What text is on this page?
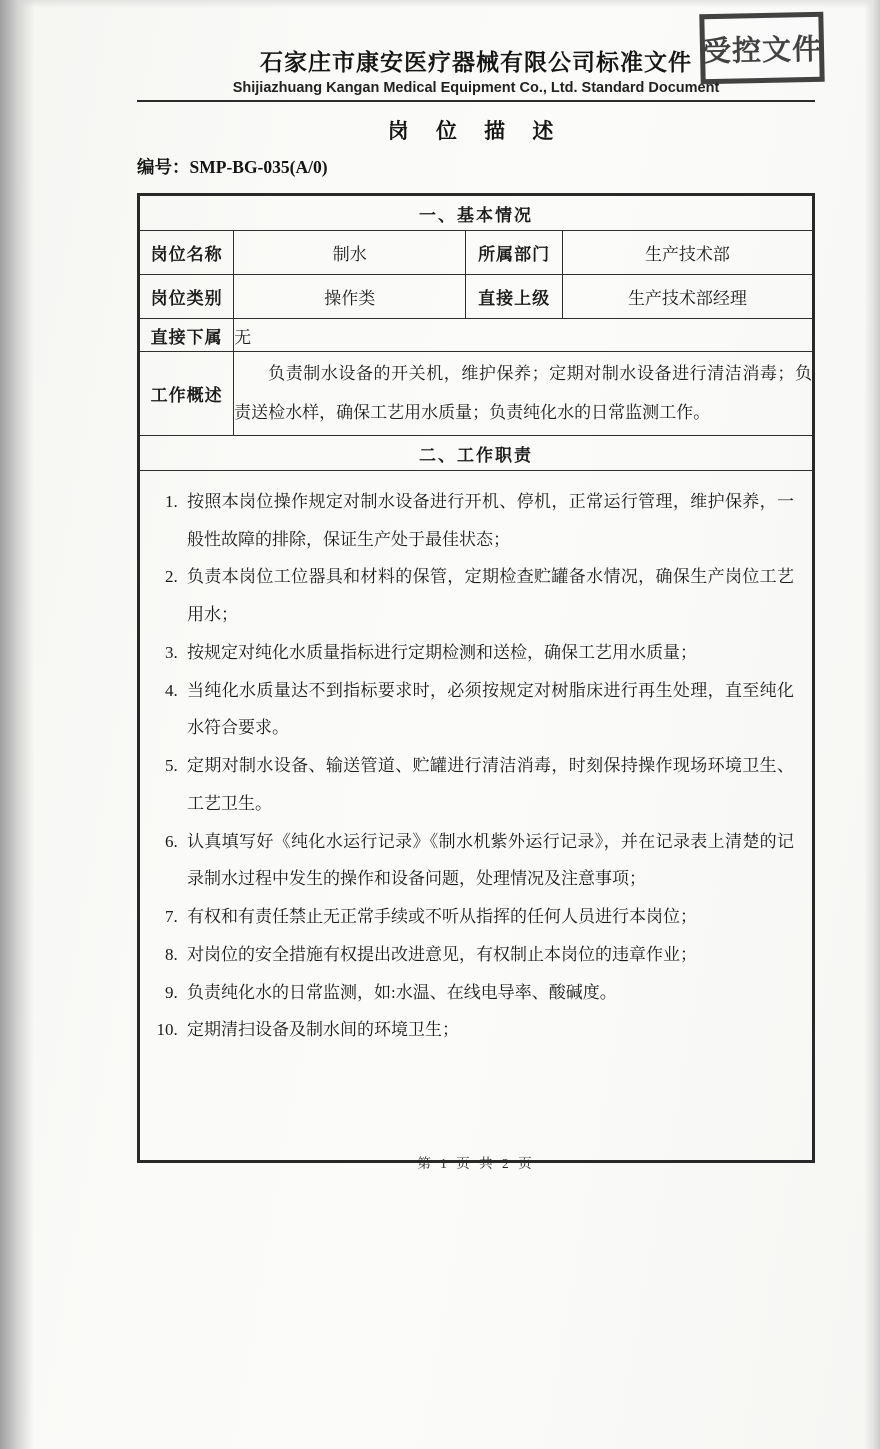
受控文件
石家庄市康安医疗器械有限公司标准文件
Shijiazhuang Kangan Medical Equipment Co., Ltd. Standard Document
岗 位 描 述
编号：SMP-BG-035(A/0)
一、基本情况			
岗位名称	制水	所属部门	生产技术部
岗位类别	操作类	直接上级	生产技术部经理
直接下属	无		
工作概述	负责制水设备的开关机，维护保养；定期对制水设备进行清洁消毒；负责送检水样，确保工艺用水质量；负责纯化水的日常监测工作。		

二、工作职责			

1. 按照本岗位操作规定对制水设备进行开机、停机，正常运行管理，维护保养，一般性故障的排除，保证生产处于最佳状态；
2. 负责本岗位工位器具和材料的保管，定期检查贮罐备水情况，确保生产岗位工艺用水；
3. 按规定对纯化水质量指标进行定期检测和送检，确保工艺用水质量；
4. 当纯化水质量达不到指标要求时，必须按规定对树脂床进行再生处理，直至纯化水符合要求。
5. 定期对制水设备、输送管道、贮罐进行清洁消毒，时刻保持操作现场环境卫生、工艺卫生。
6. 认真填写好《纯化水运行记录》《制水机紫外运行记录》，并在记录表上清楚的记录制水过程中发生的操作和设备问题，处理情况及注意事项；
7. 有权和有责任禁止无正常手续或不听从指挥的任何人员进行本岗位；
8. 对岗位的安全措施有权提出改进意见，有权制止本岗位的违章作业；
9. 负责纯化水的日常监测，如:水温、在线电导率、酸碱度。
10. 定期清扫设备及制水间的环境卫生；
第 1 页 共 2 页
